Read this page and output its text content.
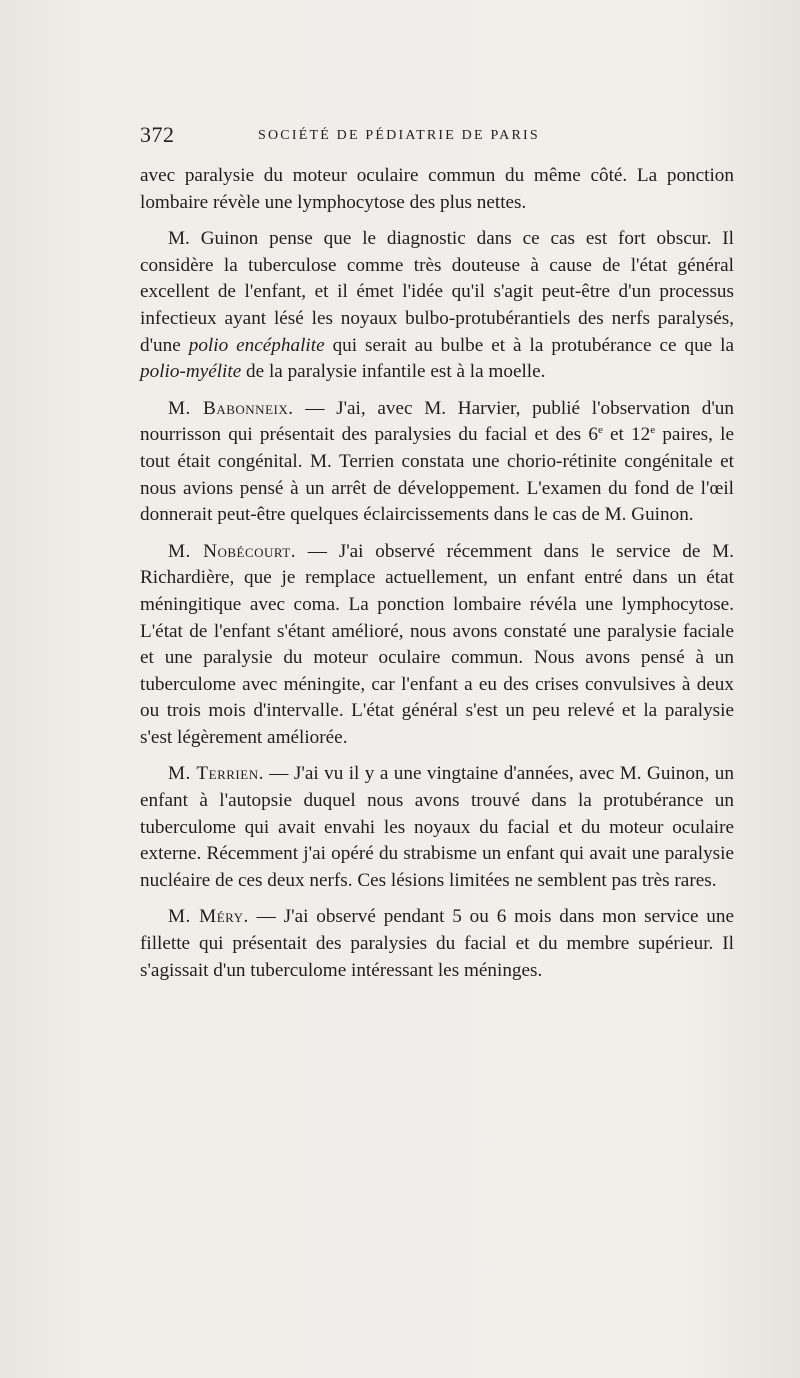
372	SOCIÉTÉ DE PÉDIATRIE DE PARIS

avec paralysie du moteur oculaire commun du même côté. La ponction lombaire révèle une lymphocytose des plus nettes.

M. Guinon pense que le diagnostic dans ce cas est fort obscur. Il considère la tuberculose comme très douteuse à cause de l'état général excellent de l'enfant, et il émet l'idée qu'il s'agit peut-être d'un processus infectieux ayant lésé les noyaux bulbo-protubérantiels des nerfs paralysés, d'une polio encéphalite qui serait au bulbe et à la protubérance ce que la polio-myélite de la paralysie infantile est à la moelle.

M. Babonneix. — J'ai, avec M. Harvier, publié l'observation d'un nourrisson qui présentait des paralysies du facial et des 6e et 12e paires, le tout était congénital. M. Terrien constata une chorio-rétinite congénitale et nous avions pensé à un arrêt de développement. L'examen du fond de l'œil donnerait peut-être quelques éclaircissements dans le cas de M. Guinon.

M. Nobécourt. — J'ai observé récemment dans le service de M. Richardière, que je remplace actuellement, un enfant entré dans un état méningitique avec coma. La ponction lombaire révéla une lymphocytose. L'état de l'enfant s'étant amélioré, nous avons constaté une paralysie faciale et une paralysie du moteur oculaire commun. Nous avons pensé à un tuberculome avec méningite, car l'enfant a eu des crises convulsives à deux ou trois mois d'intervalle. L'état général s'est un peu relevé et la paralysie s'est légèrement améliorée.

M. Terrien. — J'ai vu il y a une vingtaine d'années, avec M. Guinon, un enfant à l'autopsie duquel nous avons trouvé dans la protubérance un tuberculome qui avait envahi les noyaux du facial et du moteur oculaire externe. Récemment j'ai opéré du strabisme un enfant qui avait une paralysie nucléaire de ces deux nerfs. Ces lésions limitées ne semblent pas très rares.

M. Méry. — J'ai observé pendant 5 ou 6 mois dans mon service une fillette qui présentait des paralysies du facial et du membre supérieur. Il s'agissait d'un tuberculome intéressant les méninges.
